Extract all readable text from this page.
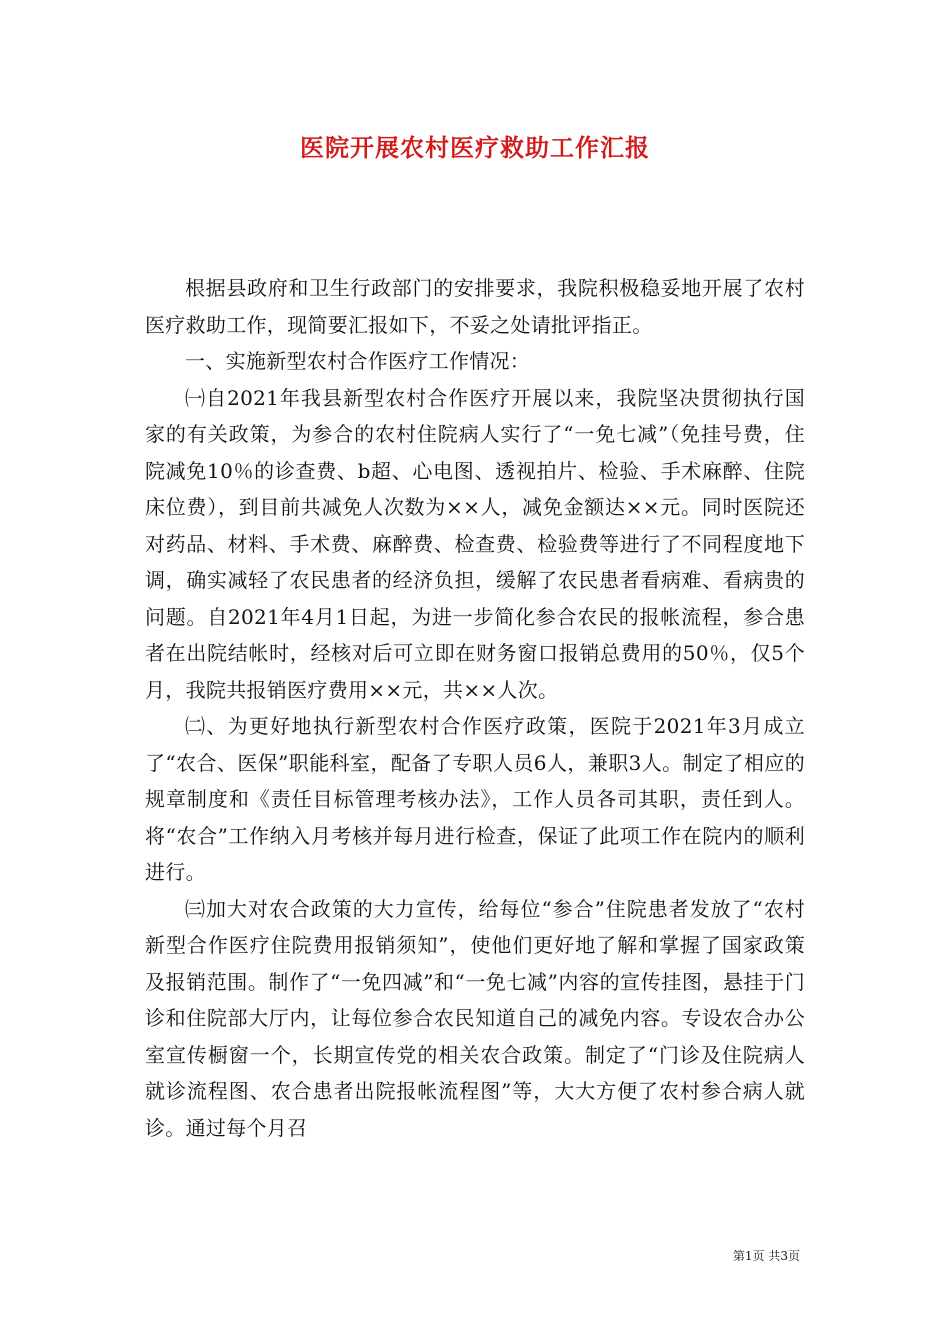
医院开展农村医疗救助工作汇报

根据县政府和卫生行政部门的安排要求，我院积极稳妥地开展了农村医疗救助工作，现简要汇报如下，不妥之处请批评指正。

一、实施新型农村合作医疗工作情况：

㈠自2021年我县新型农村合作医疗开展以来，我院坚决贯彻执行国家的有关政策，为参合的农村住院病人实行了“一免七减”（免挂号费，住院减免10％的诊查费、b超、心电图、透视拍片、检验、手术麻醉、住院床位费），到目前共减免人次数为××人，减免金额达××元。同时医院还对药品、材料、手术费、麻醉费、检查费、检验费等进行了不同程度地下调，确实减轻了农民患者的经济负担，缓解了农民患者看病难、看病贵的问题。自2021年4月1日起，为进一步简化参合农民的报帐流程，参合患者在出院结帐时，经核对后可立即在财务窗口报销总费用的50％，仅5个月，我院共报销医疗费用××元，共××人次。

㈡、为更好地执行新型农村合作医疗政策，医院于2021年3月成立了“农合、医保”职能科室，配备了专职人员6人，兼职3人。制定了相应的规章制度和《责任目标管理考核办法》，工作人员各司其职，责任到人。将“农合”工作纳入月考核并每月进行检查，保证了此项工作在院内的顺利进行。

㈢加大对农合政策的大力宣传，给每位“参合”住院患者发放了“农村新型合作医疗住院费用报销须知”，使他们更好地了解和掌握了国家政策及报销范围。制作了“一免四减”和“一免七减”内容的宣传挂图，悬挂于门诊和住院部大厅内，让每位参合农民知道自己的减免内容。专设农合办公室宣传橱窗一个，长期宣传党的相关农合政策。制定了“门诊及住院病人就诊流程图、农合患者出院报帐流程图”等，大大方便了农村参合病人就诊。通过每个月召

第1页 共3页
